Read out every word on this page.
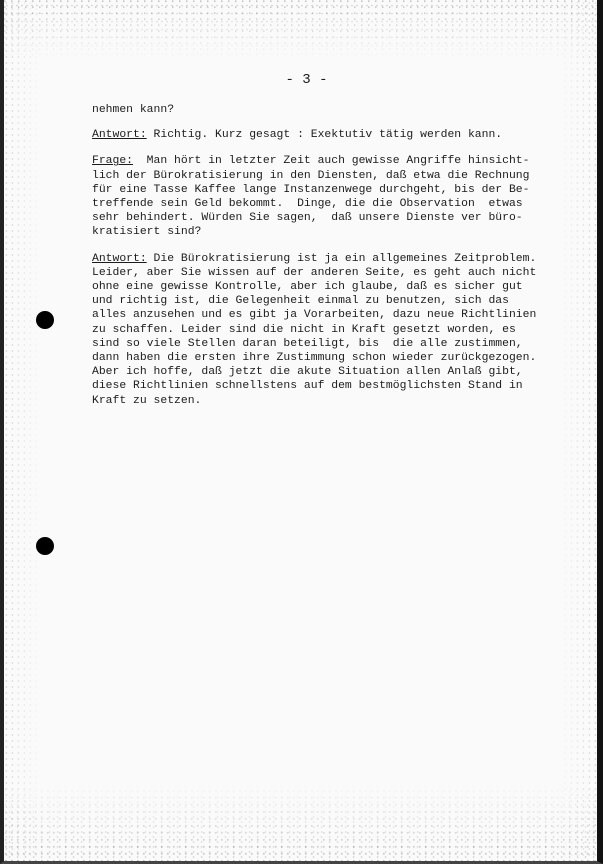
- 3 -
nehmen kann?
Antwort: Richtig. Kurz gesagt : Exektutiv tätig werden kann.
Frage:  Man hört in letzter Zeit auch gewisse Angriffe hinsicht-
lich der Bürokratisierung in den Diensten, daß etwa die Rechnung
für eine Tasse Kaffee lange Instanzenwege durchgeht, bis der Be-
treffende sein Geld bekommt.  Dinge, die die Observation  etwas
sehr behindert. Würden Sie sagen,  daß unsere Dienste ver bürо-
kratisiert sind?
Antwort: Die Bürokratisierung ist ja ein allgemeines Zeitproblem.
Leider, aber Sie wissen auf der anderen Seite, es geht auch nicht
ohne eine gewisse Kontrolle, aber ich glaube, daß es sicher gut
und richtig ist, die Gelegenheit einmal zu benutzen, sich das
alles anzusehen und es gibt ja Vorarbeiten, dazu neue Richtlinien
zu schaffen. Leider sind die nicht in Kraft gesetzt worden, es
sind so viele Stellen daran beteiligt, bis  die alle zustimmen,
dann haben die ersten ihre Zustimmung schon wieder zurückgezogen.
Aber ich hoffe, daß jetzt die akute Situation allen Anlaß gibt,
diese Richtlinien schnellstens auf dem bestmöglichsten Stand in
Kraft zu setzen.
